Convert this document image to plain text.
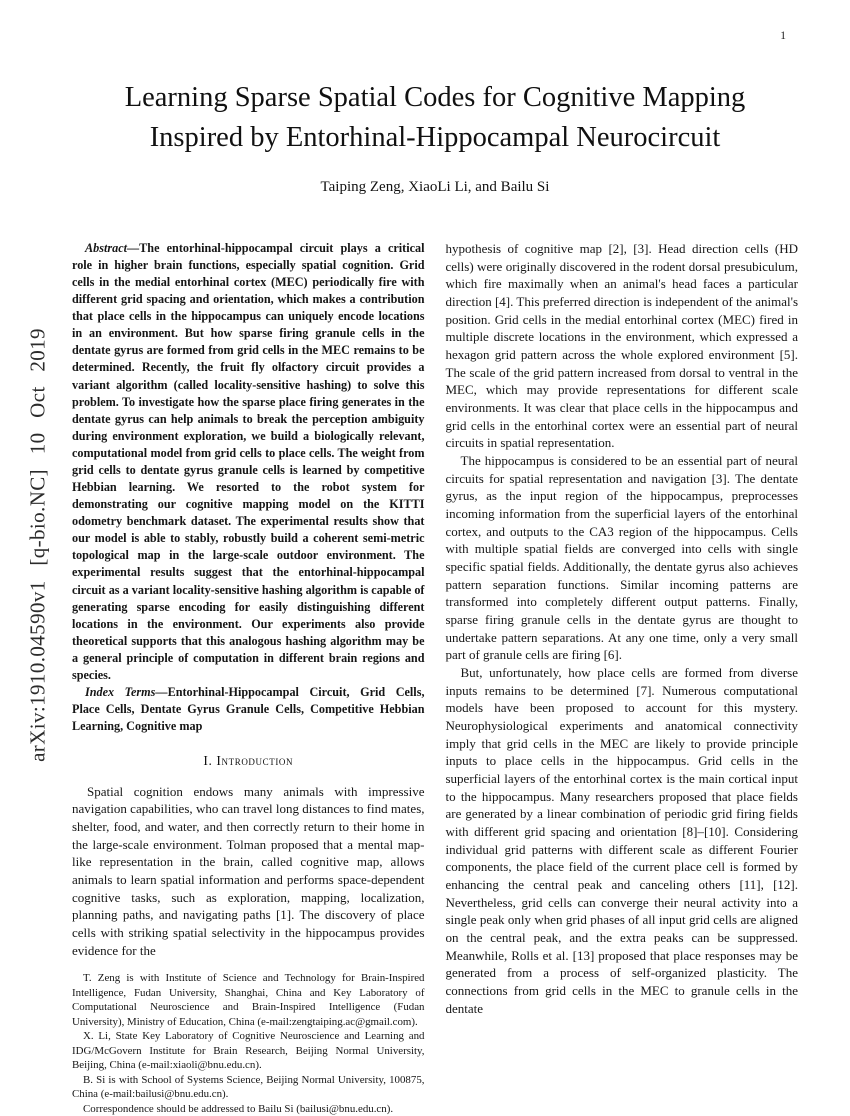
1
arXiv:1910.04590v1 [q-bio.NC] 10 Oct 2019
Learning Sparse Spatial Codes for Cognitive Mapping Inspired by Entorhinal-Hippocampal Neurocircuit
Taiping Zeng, XiaoLi Li, and Bailu Si

Abstract—The entorhinal-hippocampal circuit plays a critical role in higher brain functions, especially spatial cognition. Grid cells in the medial entorhinal cortex (MEC) periodically fire with different grid spacing and orientation, which makes a contribution that place cells in the hippocampus can uniquely encode locations in an environment. But how sparse firing granule cells in the dentate gyrus are formed from grid cells in the MEC remains to be determined. Recently, the fruit fly olfactory circuit provides a variant algorithm (called locality-sensitive hashing) to solve this problem. To investigate how the sparse place firing generates in the dentate gyrus can help animals to break the perception ambiguity during environment exploration, we build a biologically relevant, computational model from grid cells to place cells. The weight from grid cells to dentate gyrus granule cells is learned by competitive Hebbian learning. We resorted to the robot system for demonstrating our cognitive mapping model on the KITTI odometry benchmark dataset. The experimental results show that our model is able to stably, robustly build a coherent semi-metric topological map in the large-scale outdoor environment. The experimental results suggest that the entorhinal-hippocampal circuit as a variant locality-sensitive hashing algorithm is capable of generating sparse encoding for easily distinguishing different locations in the environment. Our experiments also provide theoretical supports that this analogous hashing algorithm may be a general principle of computation in different brain regions and species.

Index Terms—Entorhinal-Hippocampal Circuit, Grid Cells, Place Cells, Dentate Gyrus Granule Cells, Competitive Hebbian Learning, Cognitive map

I. Introduction

Spatial cognition endows many animals with impressive navigation capabilities, who can travel long distances to find mates, shelter, food, and water, and then correctly return to their home in the large-scale environment. Tolman proposed that a mental map-like representation in the brain, called cognitive map, allows animals to learn spatial information and performs space-dependent cognitive tasks, such as exploration, mapping, localization, planning paths, and navigating paths [1]. The discovery of place cells with striking spatial selectivity in the hippocampus provides evidence for the

T. Zeng is with Institute of Science and Technology for Brain-Inspired Intelligence, Fudan University, Shanghai, China and Key Laboratory of Computational Neuroscience and Brain-Inspired Intelligence (Fudan University), Ministry of Education, China (e-mail:zengtaiping.ac@gmail.com).

X. Li, State Key Laboratory of Cognitive Neuroscience and Learning and IDG/McGovern Institute for Brain Research, Beijing Normal University, Beijing, China (e-mail:xiaoli@bnu.edu.cn).

B. Si is with School of Systems Science, Beijing Normal University, 100875, China (e-mail:bailusi@bnu.edu.cn).

Correspondence should be addressed to Bailu Si (bailusi@bnu.edu.cn).

hypothesis of cognitive map [2], [3]. Head direction cells (HD cells) were originally discovered in the rodent dorsal presubiculum, which fire maximally when an animal's head faces a particular direction [4]. This preferred direction is independent of the animal's position. Grid cells in the medial entorhinal cortex (MEC) fired in multiple discrete locations in the environment, which expressed a hexagon grid pattern across the whole explored environment [5]. The scale of the grid pattern increased from dorsal to ventral in the MEC, which may provide representations for different scale environments. It was clear that place cells in the hippocampus and grid cells in the entorhinal cortex were an essential part of neural circuits in spatial representation.

The hippocampus is considered to be an essential part of neural circuits for spatial representation and navigation [3]. The dentate gyrus, as the input region of the hippocampus, preprocesses incoming information from the superficial layers of the entorhinal cortex, and outputs to the CA3 region of the hippocampus. Cells with multiple spatial fields are converged into cells with single specific spatial fields. Additionally, the dentate gyrus also achieves pattern separation functions. Similar incoming patterns are transformed into completely different output patterns. Finally, sparse firing granule cells in the dentate gyrus are thought to undertake pattern separations. At any one time, only a very small part of granule cells are firing [6].

But, unfortunately, how place cells are formed from diverse inputs remains to be determined [7]. Numerous computational models have been proposed to account for this mystery. Neurophysiological experiments and anatomical connectivity imply that grid cells in the MEC are likely to provide principle inputs to place cells in the hippocampus. Grid cells in the superficial layers of the entorhinal cortex is the main cortical input to the hippocampus. Many researchers proposed that place fields are generated by a linear combination of periodic grid firing fields with different grid spacing and orientation [8]–[10]. Considering individual grid patterns with different scale as different Fourier components, the place field of the current place cell is formed by enhancing the central peak and canceling others [11], [12]. Nevertheless, grid cells can converge their neural activity into a single peak only when grid phases of all input grid cells are aligned on the central peak, and the extra peaks can be suppressed. Meanwhile, Rolls et al. [13] proposed that place responses may be generated from a process of self-organized plasticity. The connections from grid cells in the MEC to granule cells in the dentate
